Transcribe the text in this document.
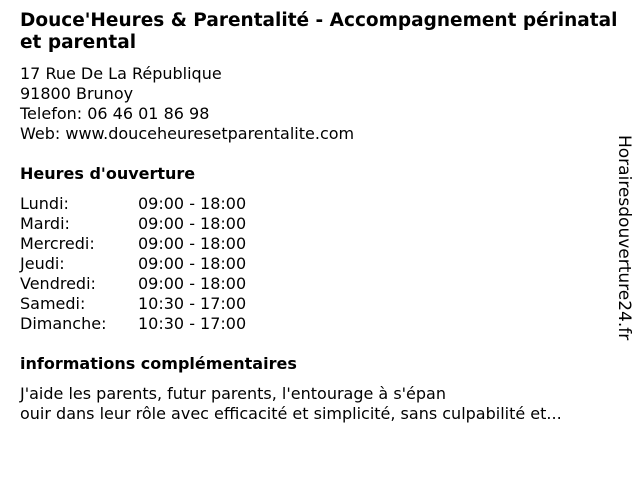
Douce'Heures & Parentalité - Accompagnement périnatal et parental
17 Rue De La République
91800 Brunoy
Telefon: 06 46 01 86 98
Web: www.douceheuresetparentalite.com
Heures d'ouverture
Lundi:	09:00 - 18:00
Mardi:	09:00 - 18:00
Mercredi:	09:00 - 18:00
Jeudi:	09:00 - 18:00
Vendredi:	09:00 - 18:00
Samedi:	10:30 - 17:00
Dimanche:	10:30 - 17:00
informations complémentaires
J'aide les parents, futur parents, l'entourage à s'épan
ouir dans leur rôle avec efficacité et simplicité, sans culpabilité et...
Horairesdouverture24.fr
